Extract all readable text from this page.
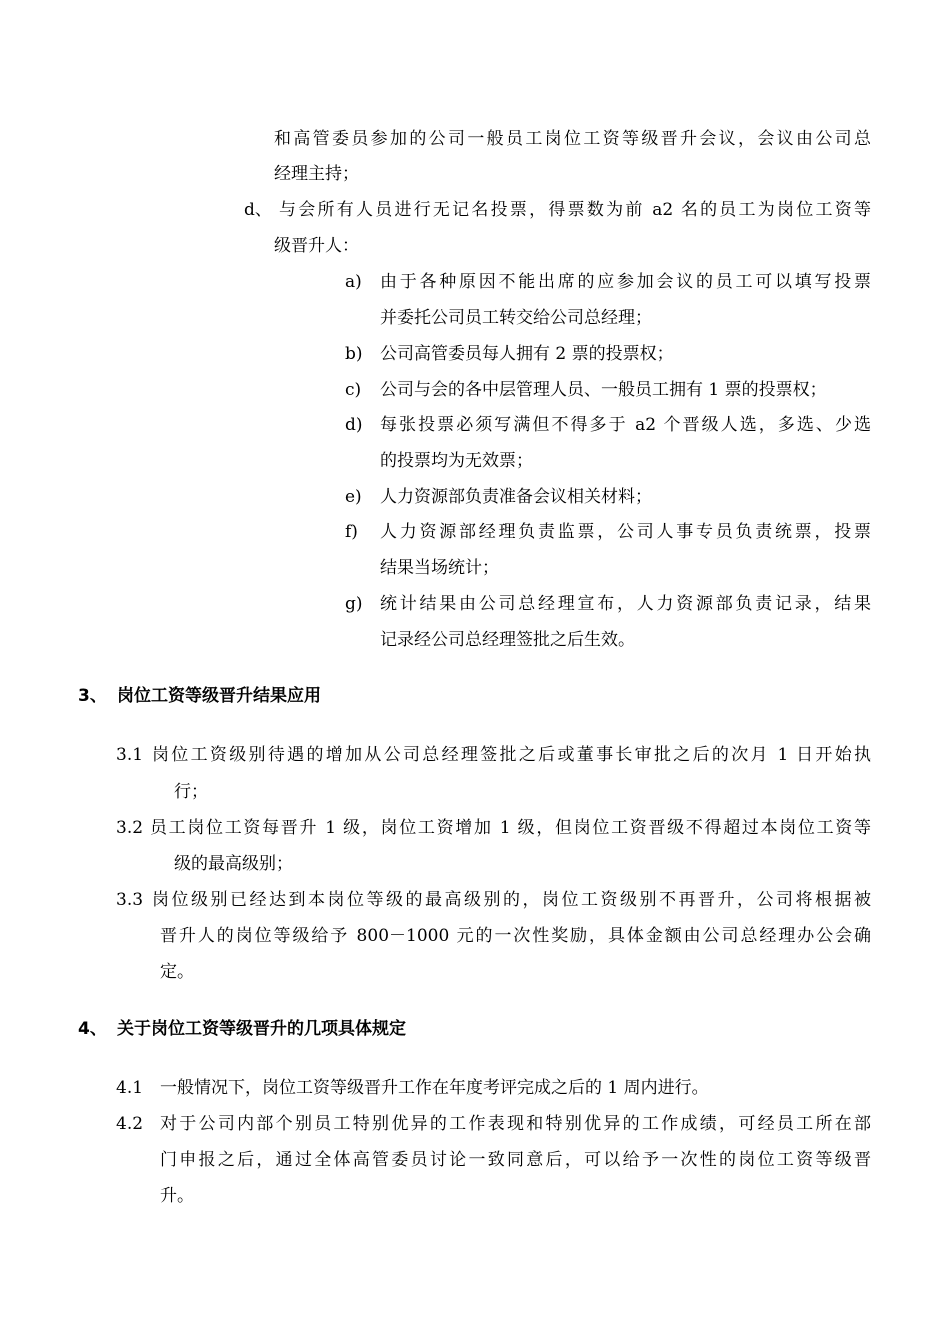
和高管委员参加的公司一般员工岗位工资等级晋升会议，会议由公司总
经理主持；
d、 与会所有人员进行无记名投票，得票数为前 a2 名的员工为岗位工资等
级晋升人：
a) 由于各种原因不能出席的应参加会议的员工可以填写投票
并委托公司员工转交给公司总经理；
b) 公司高管委员每人拥有 2 票的投票权；
c) 公司与会的各中层管理人员、一般员工拥有 1 票的投票权；
d) 每张投票必须写满但不得多于 a2 个晋级人选，多选、少选
的投票均为无效票；
e) 人力资源部负责准备会议相关材料；
f) 人力资源部经理负责监票，公司人事专员负责统票，投票
结果当场统计；
g) 统计结果由公司总经理宣布，人力资源部负责记录，结果
记录经公司总经理签批之后生效。
3、 岗位工资等级晋升结果应用
3.1 岗位工资级别待遇的增加从公司总经理签批之后或董事长审批之后的次月 1 日开始执
行；
3.2 员工岗位工资每晋升 1 级，岗位工资增加 1 级，但岗位工资晋级不得超过本岗位工资等
级的最高级别；
3.3 岗位级别已经达到本岗位等级的最高级别的，岗位工资级别不再晋升，公司将根据被
晋升人的岗位等级给予 800－1000 元的一次性奖励，具体金额由公司总经理办公会确
定。
4、 关于岗位工资等级晋升的几项具体规定
4.1 一般情况下，岗位工资等级晋升工作在年度考评完成之后的 1 周内进行。
4.2 对于公司内部个别员工特别优异的工作表现和特别优异的工作成绩，可经员工所在部
门申报之后，通过全体高管委员讨论一致同意后，可以给予一次性的岗位工资等级晋
升。
